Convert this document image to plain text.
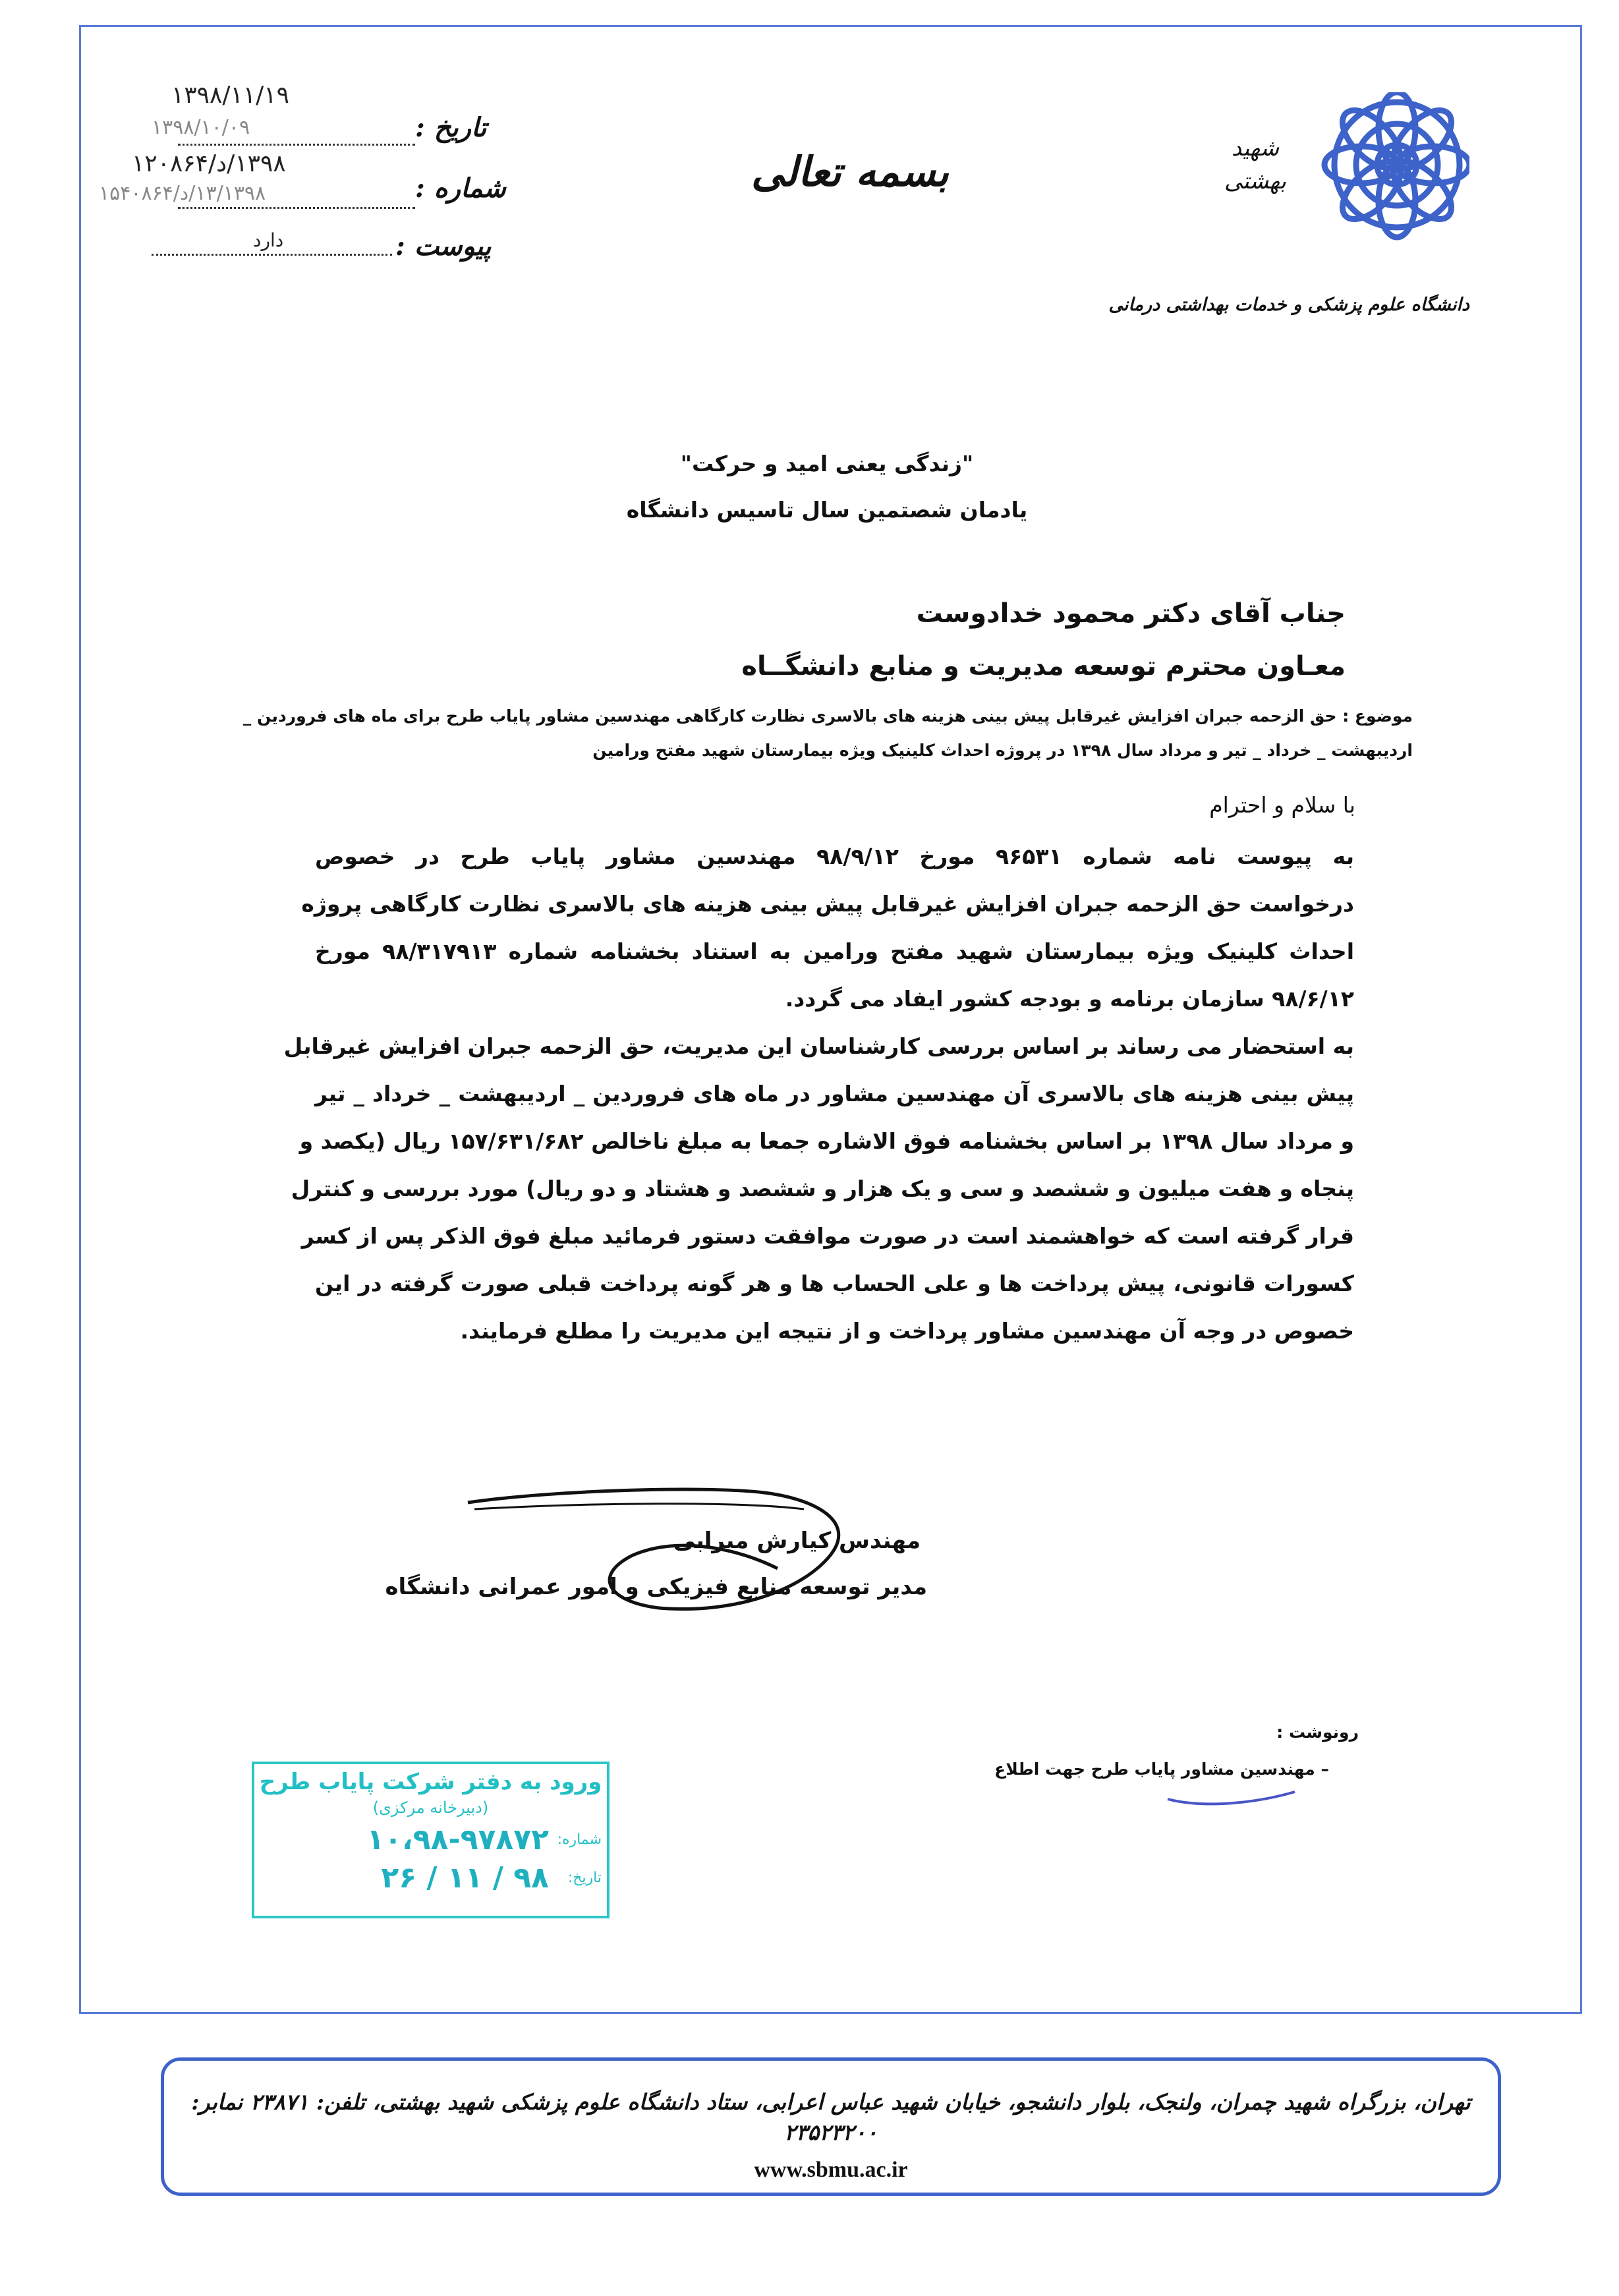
تاریخ :
۱۳۹۸/۱۱/۱۹
۱۳۹۸/۱۰/۰۹
شماره :
۱۳۹۸/د/۱۲۰۸۶۴
۱۳/۱۳۹۸/د/۱۵۴۰۸۶۴
پیوست :
دارد
بسمه تعالی	شهید بهشتی
دانشگاه علوم پزشکی و خدمات بهداشتی درمانی
"زندگی یعنی امید و حرکت"
یادمان شصتمین سال تاسیس دانشگاه
جناب آقای دکتر محمود خدادوست
معـاون محترم توسعه مدیریت و منابع دانشگــاه
موضوع : حق الزحمه جبران افزایش غیرقابل پیش بینی هزینه های بالاسری نظارت کارگاهی مهندسین مشاور پایاب طرح برای ماه های فروردین _
اردیبهشت _ خرداد _ تیر و مرداد سال ۱۳۹۸ در پروژه احداث کلینیک ویژه بیمارستان شهید مفتح ورامین
با سلام و احترام
به پیوست نامه شماره ۹۶۵۳۱ مورخ ۹۸/۹/۱۲ مهندسین مشاور پایاب طرح در خصوص
درخواست حق الزحمه جبران افزایش غیرقابل پیش بینی هزینه های بالاسری نظارت کارگاهی پروژه
احداث کلینیک ویژه بیمارستان شهید مفتح ورامین به استناد بخشنامه شماره ۹۸/۳۱۷۹۱۳ مورخ
۹۸/۶/۱۲ سازمان برنامه و بودجه کشور ایفاد می گردد.
به استحضار می رساند بر اساس بررسی کارشناسان این مدیریت، حق الزحمه جبران افزایش غیرقابل
پیش بینی هزینه های بالاسری آن مهندسین مشاور در ماه های فروردین _ اردیبهشت _ خرداد _ تیر
و مرداد سال ۱۳۹۸ بر اساس بخشنامه فوق الاشاره جمعا به مبلغ ناخالص ۱۵۷/۶۳۱/۶۸۲ ریال (یکصد و
پنجاه و هفت میلیون و ششصد و سی و یک هزار و ششصد و هشتاد و دو ریال) مورد بررسی و کنترل
قرار گرفته است که خواهشمند است در صورت موافقت دستور فرمائید مبلغ فوق الذکر پس از کسر
کسورات قانونی، پیش پرداخت ها و علی الحساب ها و هر گونه پرداخت قبلی صورت گرفته در این
خصوص در وجه آن مهندسین مشاور پرداخت و از نتیجه این مدیریت را مطلع فرمایند.
مهندس کیارش میرابی
مدیر توسعه منابع فیزیکی و امور عمرانی دانشگاه
رونوشت :
– مهندسین مشاور پایاب طرح جهت اطلاع
ورود به دفتر شرکت پایاب طرح
(دبیرخانه مرکزی)
شماره:
۱۰،۹۸-۹۷۸۷۲
تاریخ:
۹۸ / ۱۱ / ۲۶
تهران، بزرگراه شهید چمران، ولنجک، بلوار دانشجو، خیابان شهید عباس اعرابی، ستاد دانشگاه علوم پزشکی شهید بهشتی، تلفن: ۲۳۸۷۱ نمابر: ۲۳۵۲۳۲۰۰
www.sbmu.ac.ir
